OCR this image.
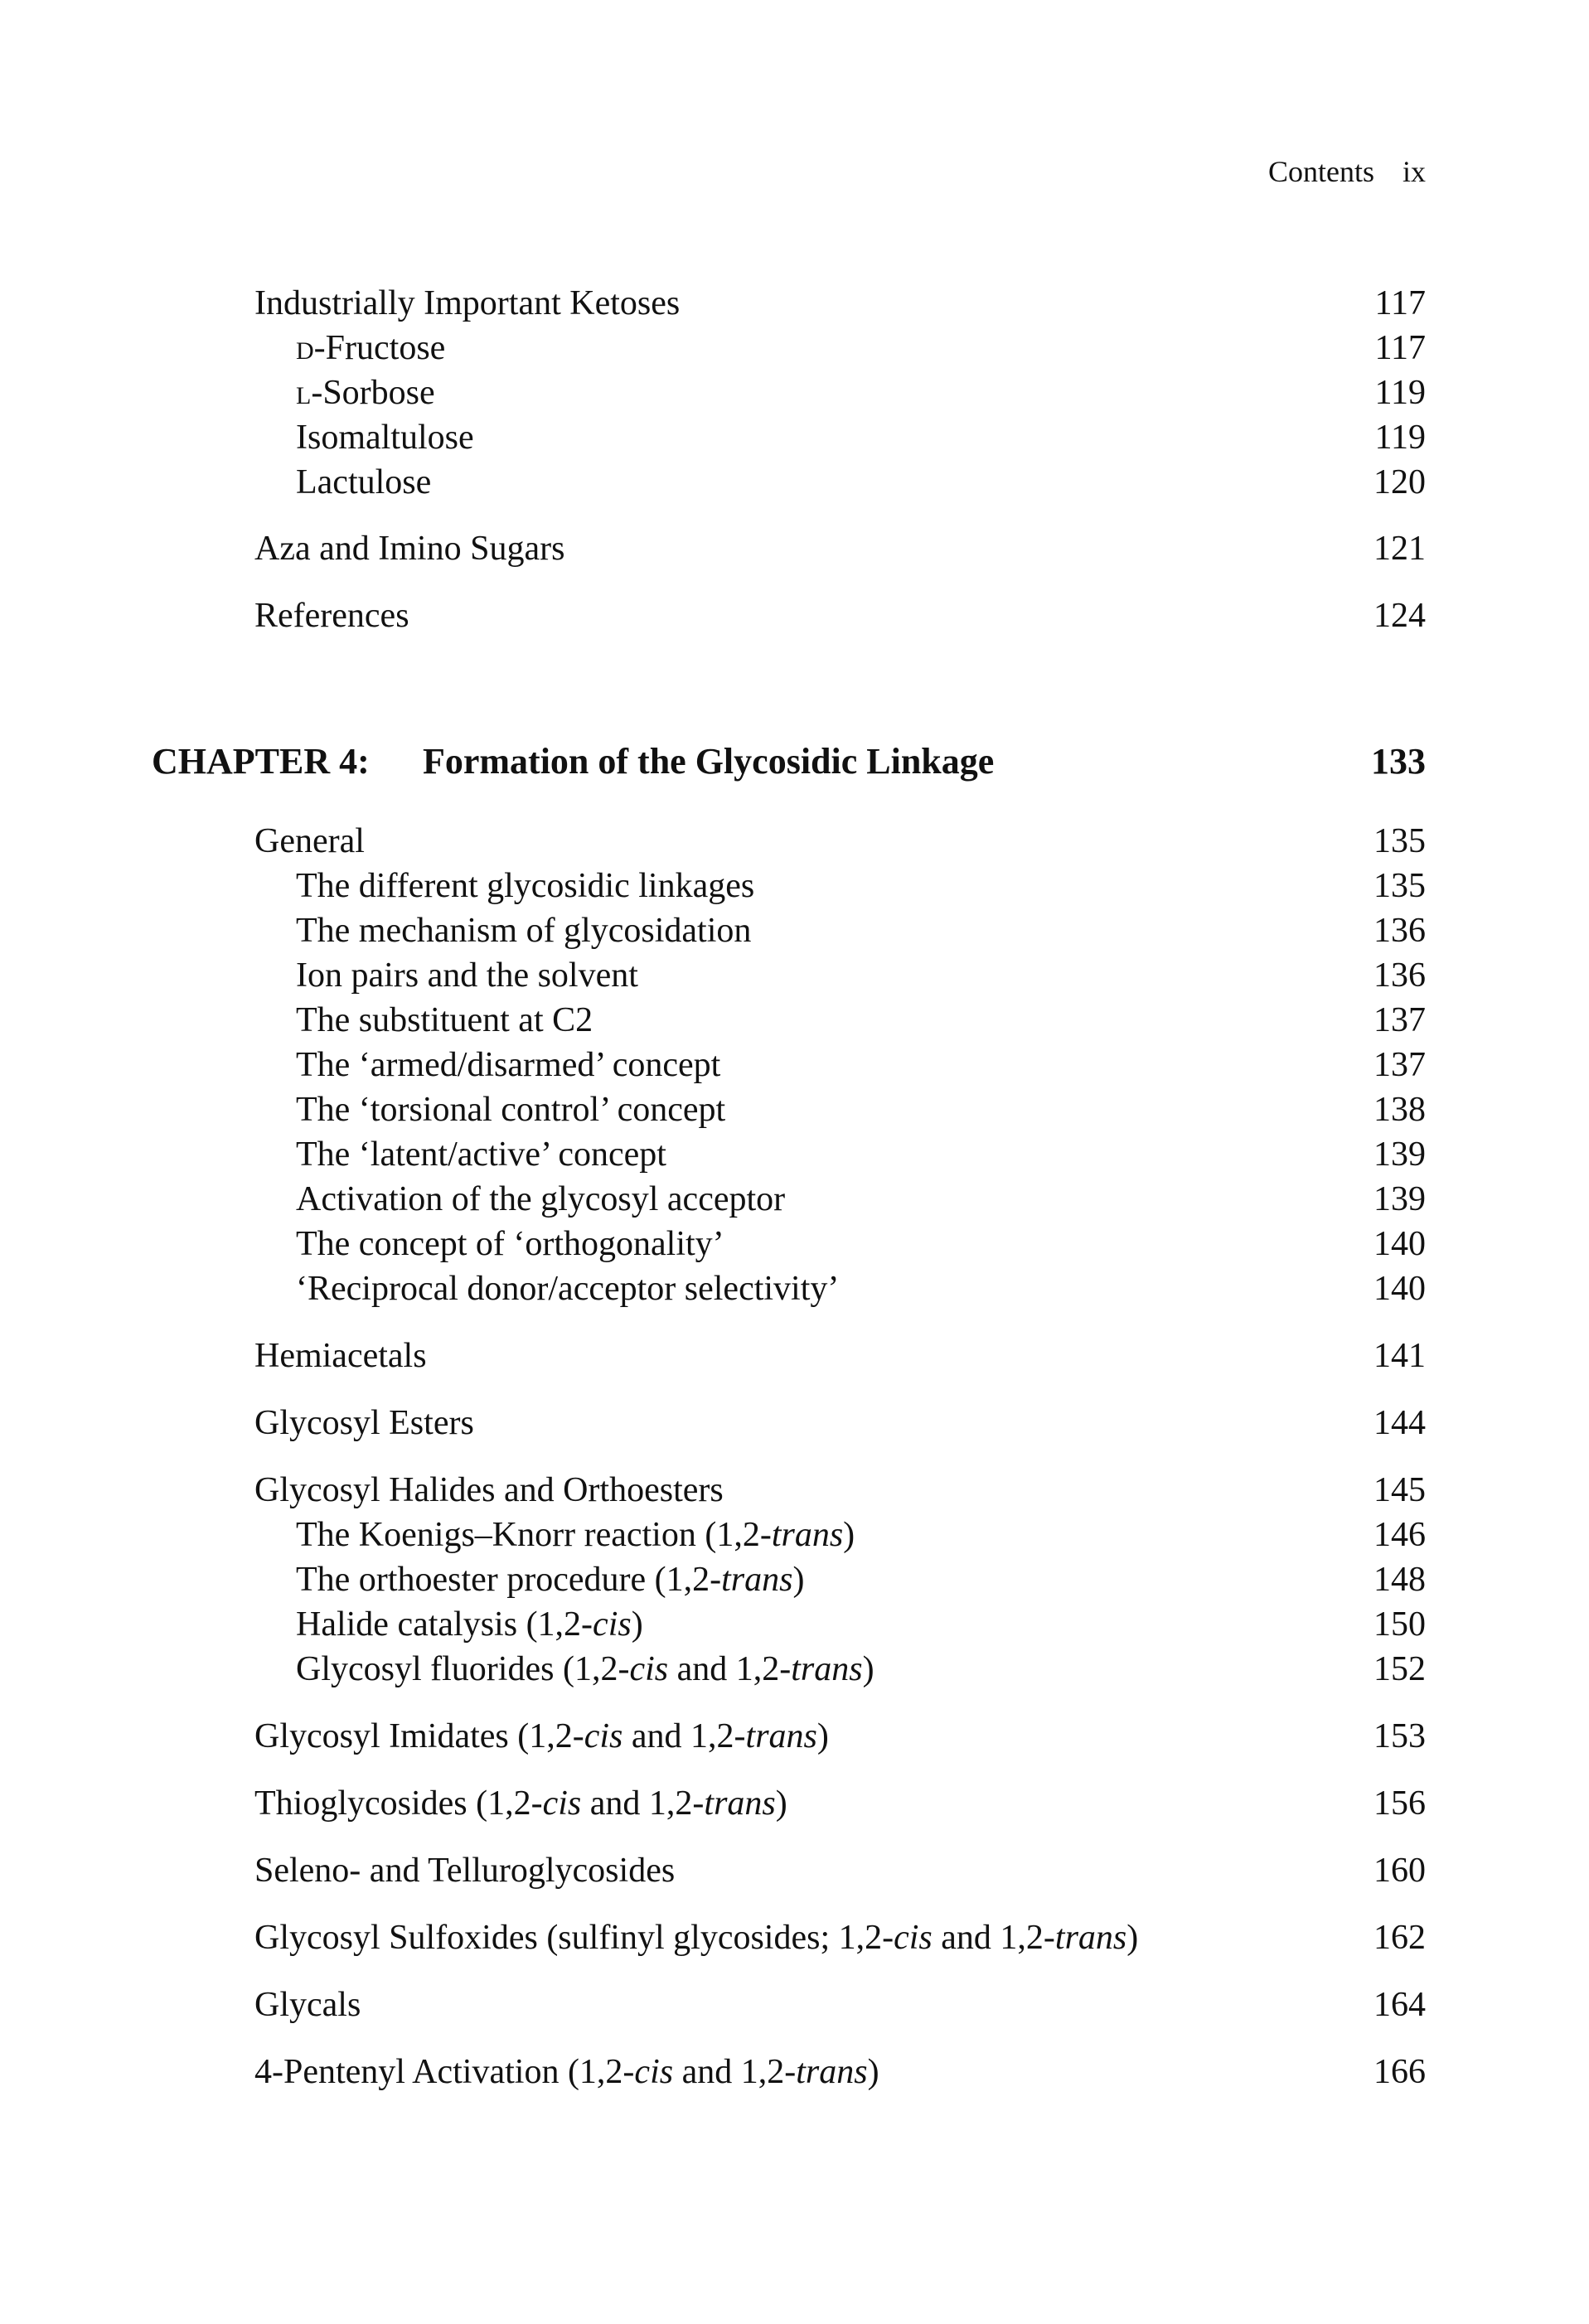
Contents ix
Industrially Important Ketoses	117
D-Fructose	117
L-Sorbose	119
Isomaltulose	119
Lactulose	120
Aza and Imino Sugars	121
References	124
CHAPTER 4: Formation of the Glycosidic Linkage	133
General	135
The different glycosidic linkages	135
The mechanism of glycosidation	136
Ion pairs and the solvent	136
The substituent at C2	137
The ‘armed/disarmed’ concept	137
The ‘torsional control’ concept	138
The ‘latent/active’ concept	139
Activation of the glycosyl acceptor	139
The concept of ‘orthogonality’	140
‘Reciprocal donor/acceptor selectivity’	140
Hemiacetals	141
Glycosyl Esters	144
Glycosyl Halides and Orthoesters	145
The Koenigs–Knorr reaction (1,2-trans)	146
The orthoester procedure (1,2-trans)	148
Halide catalysis (1,2-cis)	150
Glycosyl fluorides (1,2-cis and 1,2-trans)	152
Glycosyl Imidates (1,2-cis and 1,2-trans)	153
Thioglycosides (1,2-cis and 1,2-trans)	156
Seleno- and Telluroglycosides	160
Glycosyl Sulfoxides (sulfinyl glycosides; 1,2-cis and 1,2-trans)	162
Glycals	164
4-Pentenyl Activation (1,2-cis and 1,2-trans)	166
